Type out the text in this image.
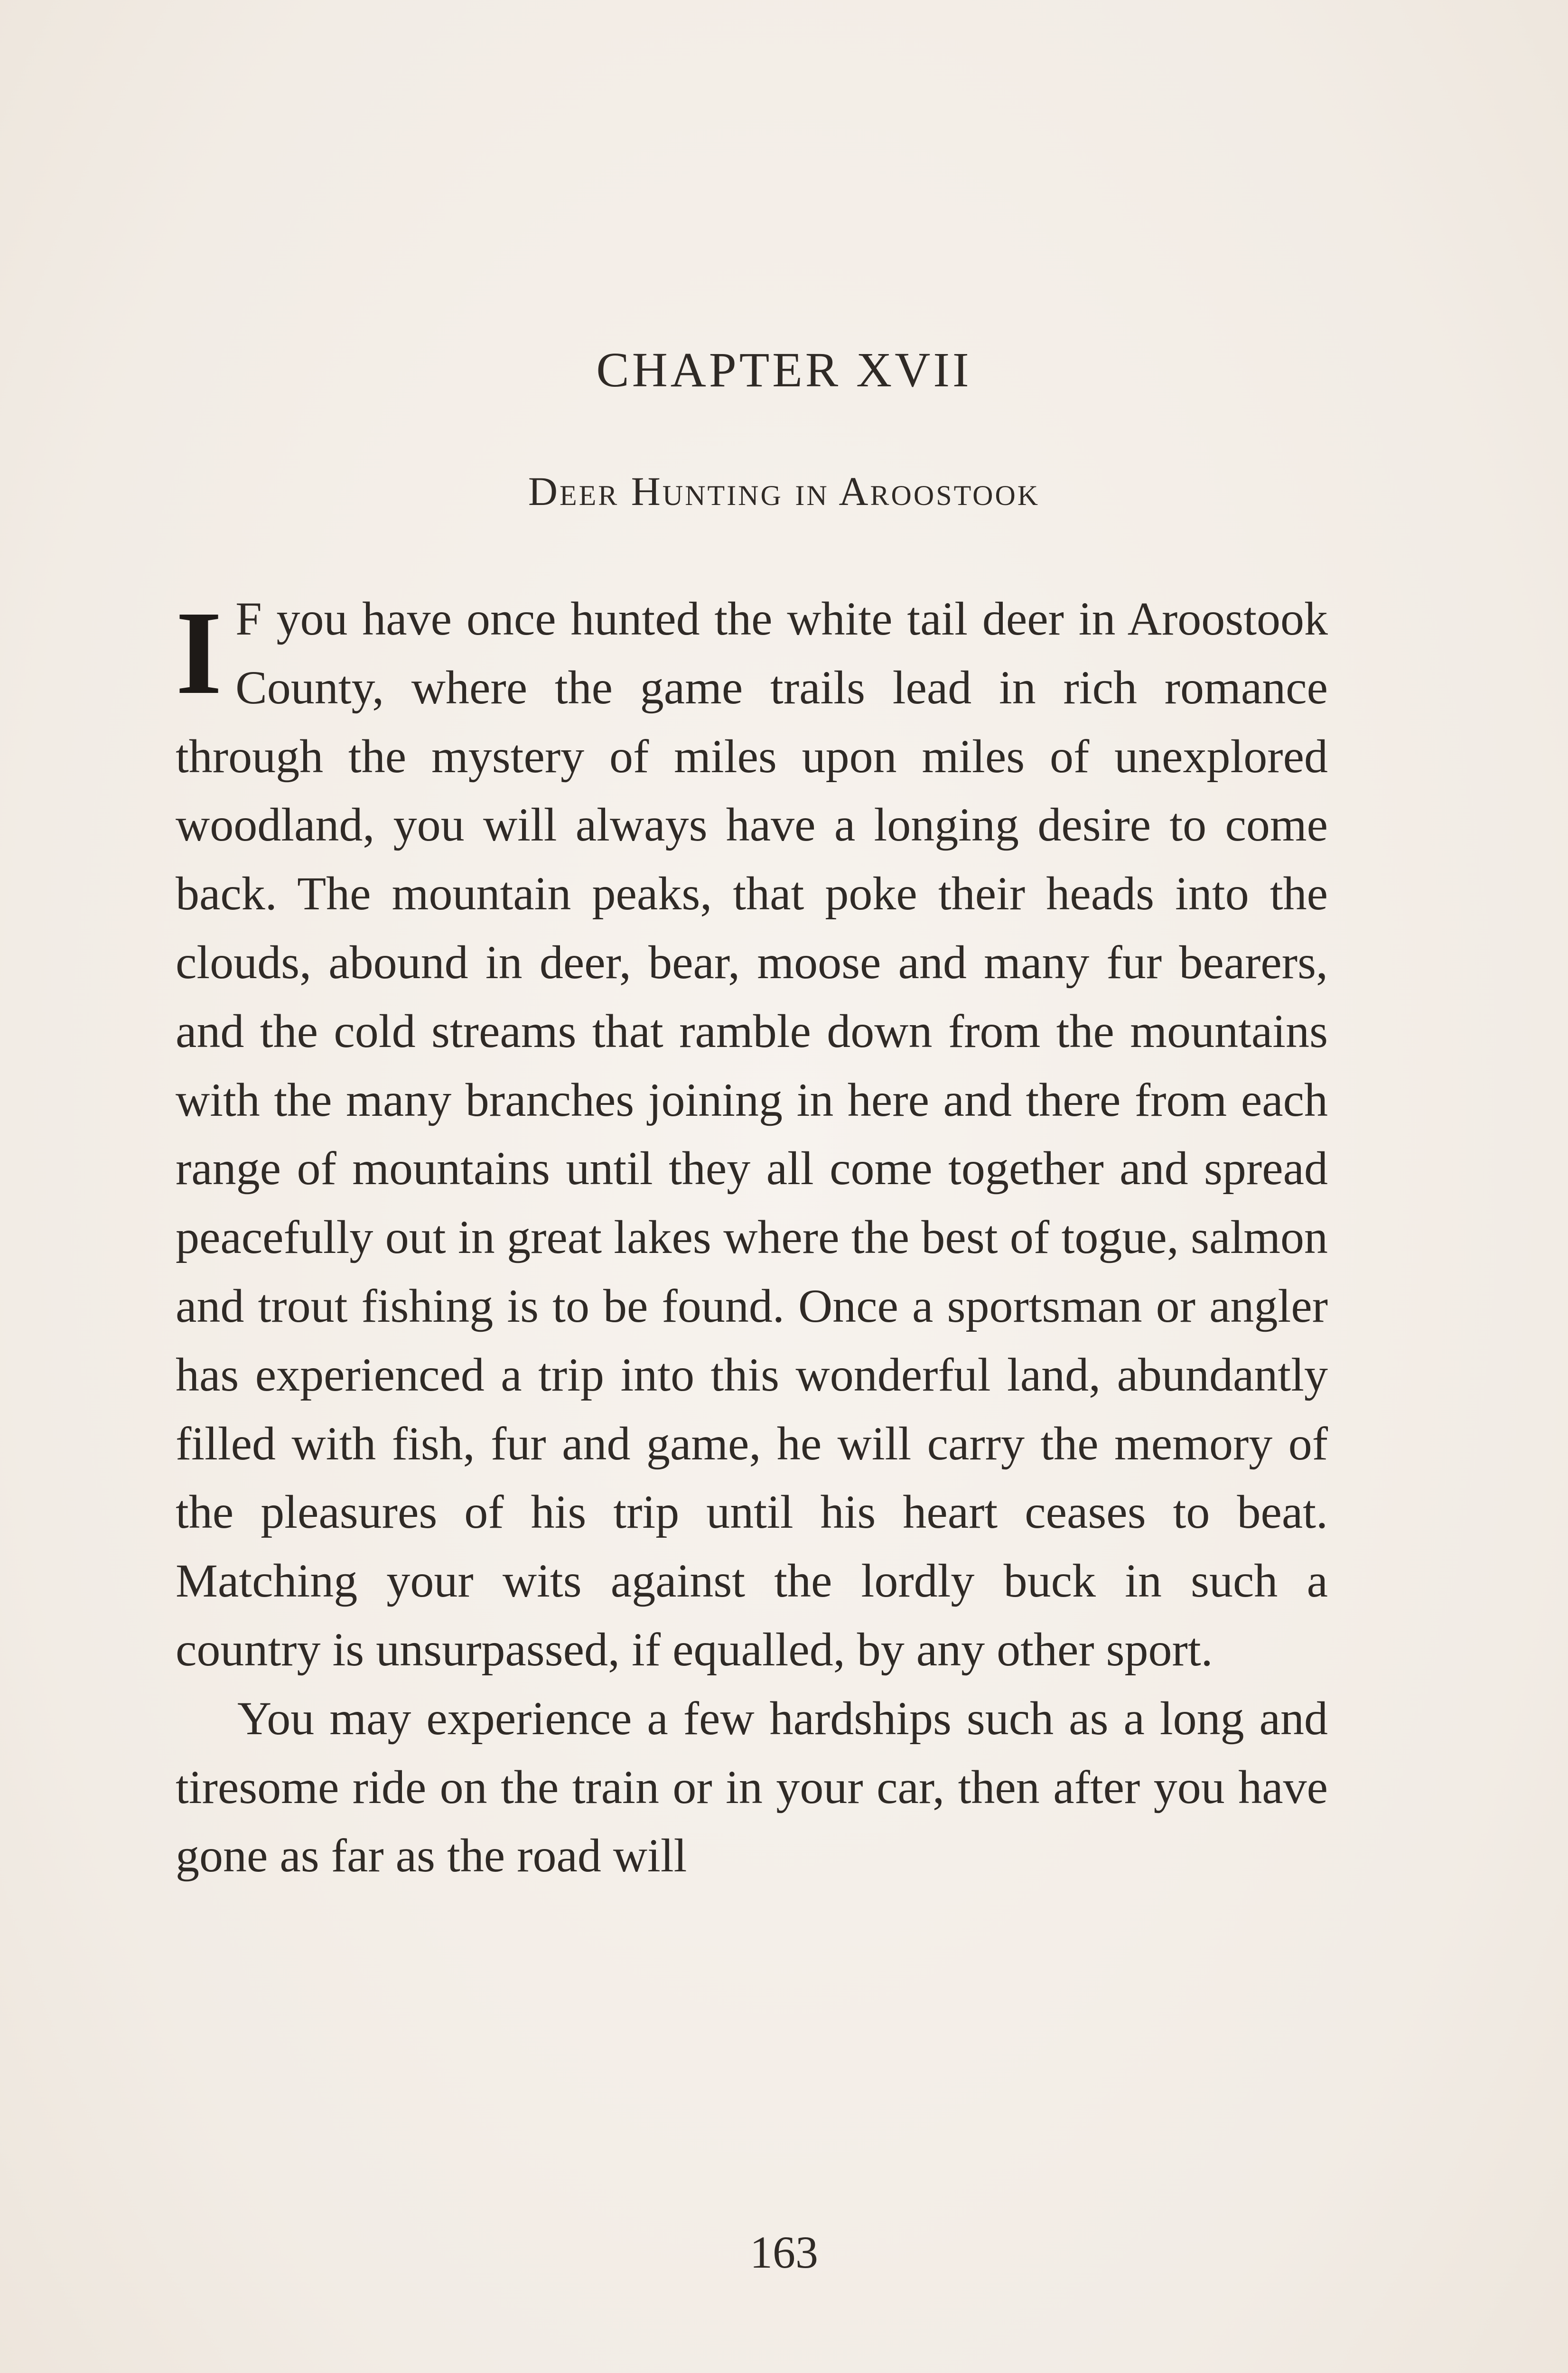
CHAPTER XVII
Deer Hunting in Aroostook

I F you have once hunted the white tail deer in Aroostook County, where the game trails lead in rich romance through the mystery of miles upon miles of unexplored woodland, you will always have a longing desire to come back. The mountain peaks, that poke their heads into the clouds, abound in deer, bear, moose and many fur bearers, and the cold streams that ramble down from the mountains with the many branches joining in here and there from each range of mountains until they all come together and spread peacefully out in great lakes where the best of togue, salmon and trout fishing is to be found. Once a sportsman or angler has experienced a trip into this wonderful land, abundantly filled with fish, fur and game, he will carry the memory of the pleasures of his trip until his heart ceases to beat. Matching your wits against the lordly buck in such a country is unsurpassed, if equalled, by any other sport.

You may experience a few hardships such as a long and tiresome ride on the train or in your car, then after you have gone as far as the road will

163
